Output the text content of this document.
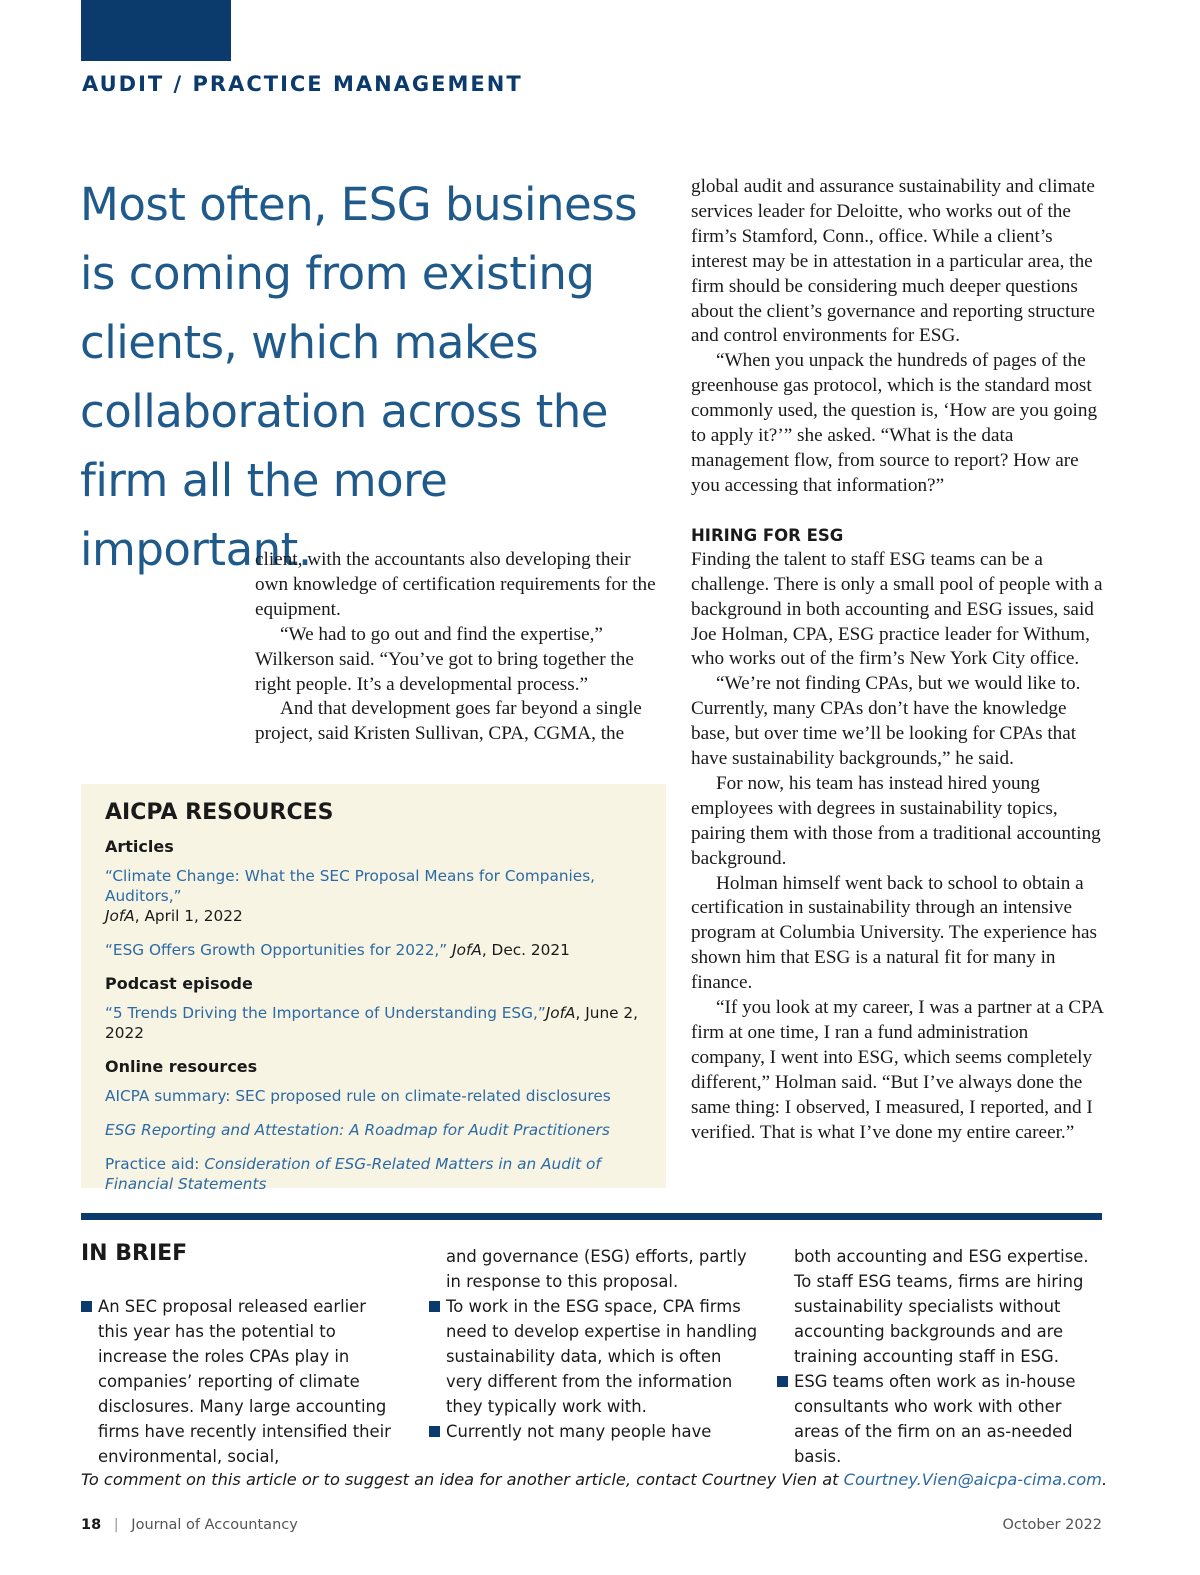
AUDIT / PRACTICE MANAGEMENT
Most often, ESG business is coming from existing clients, which makes collaboration across the firm all the more important.

client, with the accountants also developing their own knowledge of certification requirements for the equipment.

“We had to go out and find the expertise,” Wilkerson said. “You’ve got to bring together the right people. It’s a developmental process.”

And that development goes far beyond a single project, said Kristen Sullivan, CPA, CGMA, the

global audit and assurance sustainability and climate services leader for Deloitte, who works out of the firm’s Stamford, Conn., office. While a client’s interest may be in attestation in a particular area, the firm should be considering much deeper questions about the client’s governance and reporting structure and control environments for ESG.

“When you unpack the hundreds of pages of the greenhouse gas protocol, which is the standard most commonly used, the question is, ‘How are you going to apply it?’” she asked. “What is the data management flow, from source to report? How are you accessing that information?”

HIRING FOR ESG

Finding the talent to staff ESG teams can be a challenge. There is only a small pool of people with a background in both accounting and ESG issues, said Joe Holman, CPA, ESG practice leader for Withum, who works out of the firm’s New York City office.

“We’re not finding CPAs, but we would like to. Currently, many CPAs don’t have the knowledge base, but over time we’ll be looking for CPAs that have sustainability backgrounds,” he said.

For now, his team has instead hired young employees with degrees in sustainability topics, pairing them with those from a traditional accounting background.

Holman himself went back to school to obtain a certification in sustainability through an intensive program at Columbia University. The experience has shown him that ESG is a natural fit for many in finance.

“If you look at my career, I was a partner at a CPA firm at one time, I ran a fund administration company, I went into ESG, which seems completely different,” Holman said. “But I’ve always done the same thing: I observed, I measured, I reported, and I verified. That is what I’ve done my entire career.”

AICPA RESOURCES
Articles
“Climate Change: What the SEC Proposal Means for Companies, Auditors,”
JofA, April 1, 2022
“ESG Offers Growth Opportunities for 2022,” JofA, Dec. 2021
Podcast episode
“5 Trends Driving the Importance of Understanding ESG,”JofA, June 2, 2022
Online resources
AICPA summary: SEC proposed rule on climate-related disclosures
ESG Reporting and Attestation: A Roadmap for Audit Practitioners
Practice aid: Consideration of ESG-Related Matters in an Audit of Financial Statements
IN BRIEF
An SEC proposal released earlier this year has the potential to increase the roles CPAs play in companies’ reporting of climate disclosures. Many large accounting firms have recently intensified their environmental, social,
and governance (ESG) efforts, partly in response to this proposal.
To work in the ESG space, CPA firms need to develop expertise in handling sustainability data, which is often very different from the information they typically work with.
Currently not many people have
both accounting and ESG expertise. To staff ESG teams, firms are hiring sustainability specialists without accounting backgrounds and are training accounting staff in ESG.
ESG teams often work as in-house consultants who work with other areas of the firm on an as-needed basis.
To comment on this article or to suggest an idea for another article, contact Courtney Vien at Courtney.Vien@aicpa-cima.com.
18 | Journal of Accountancy	October 2022
